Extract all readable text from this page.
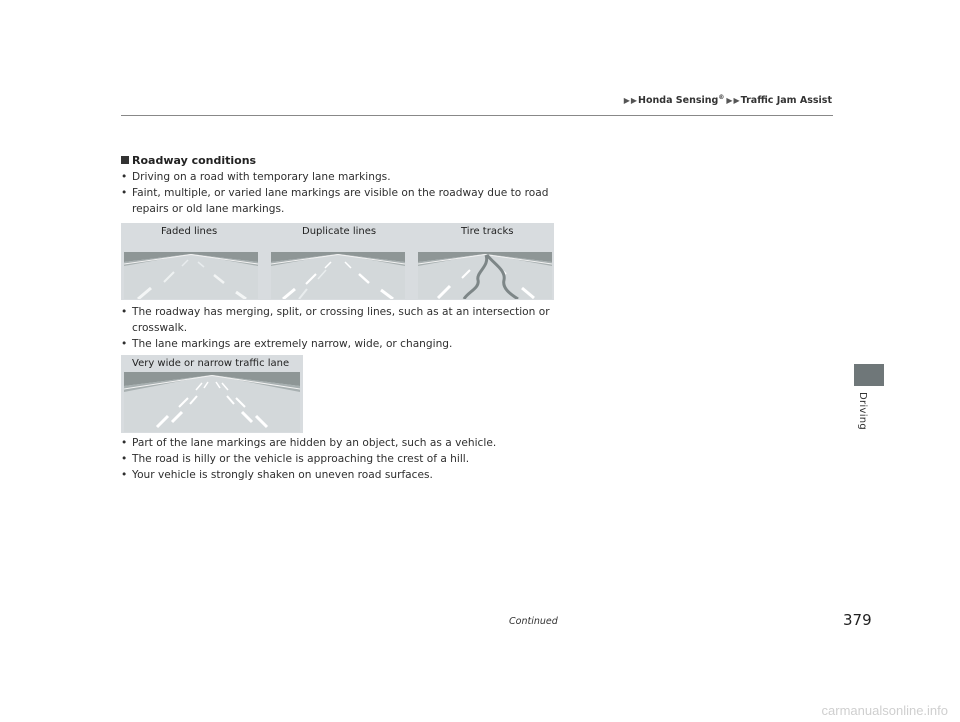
▶▶Honda Sensing® ▶▶Traffic Jam Assist
Roadway conditions
• Driving on a road with temporary lane markings.
• Faint, multiple, or varied lane markings are visible on the roadway due to road repairs or old lane markings.
Faded lines	Duplicate lines	Tire tracks
• The roadway has merging, split, or crossing lines, such as at an intersection or crosswalk.
• The lane markings are extremely narrow, wide, or changing.
Very wide or narrow traffic lane
• Part of the lane markings are hidden by an object, such as a vehicle.
• The road is hilly or the vehicle is approaching the crest of a hill.
• Your vehicle is strongly shaken on uneven road surfaces.
Driving
Continued	379
carmanualsonline.info
